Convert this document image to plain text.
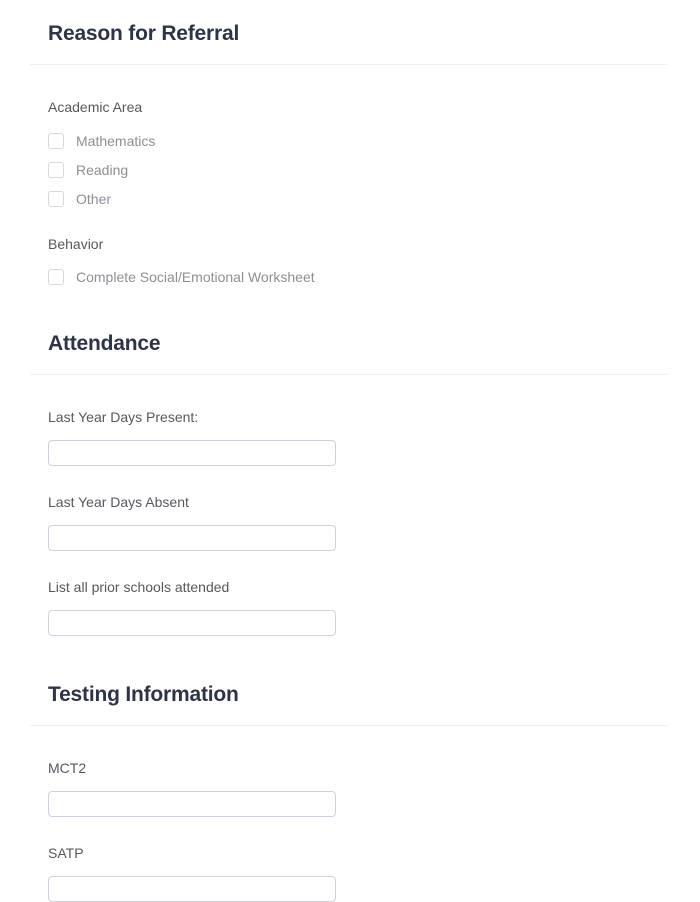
Reason for Referral
Academic Area
Mathematics
Reading
Other
Behavior
Complete Social/Emotional Worksheet
Attendance
Last Year Days Present:
Last Year Days Absent
List all prior schools attended
Testing Information
MCT2
SATP
